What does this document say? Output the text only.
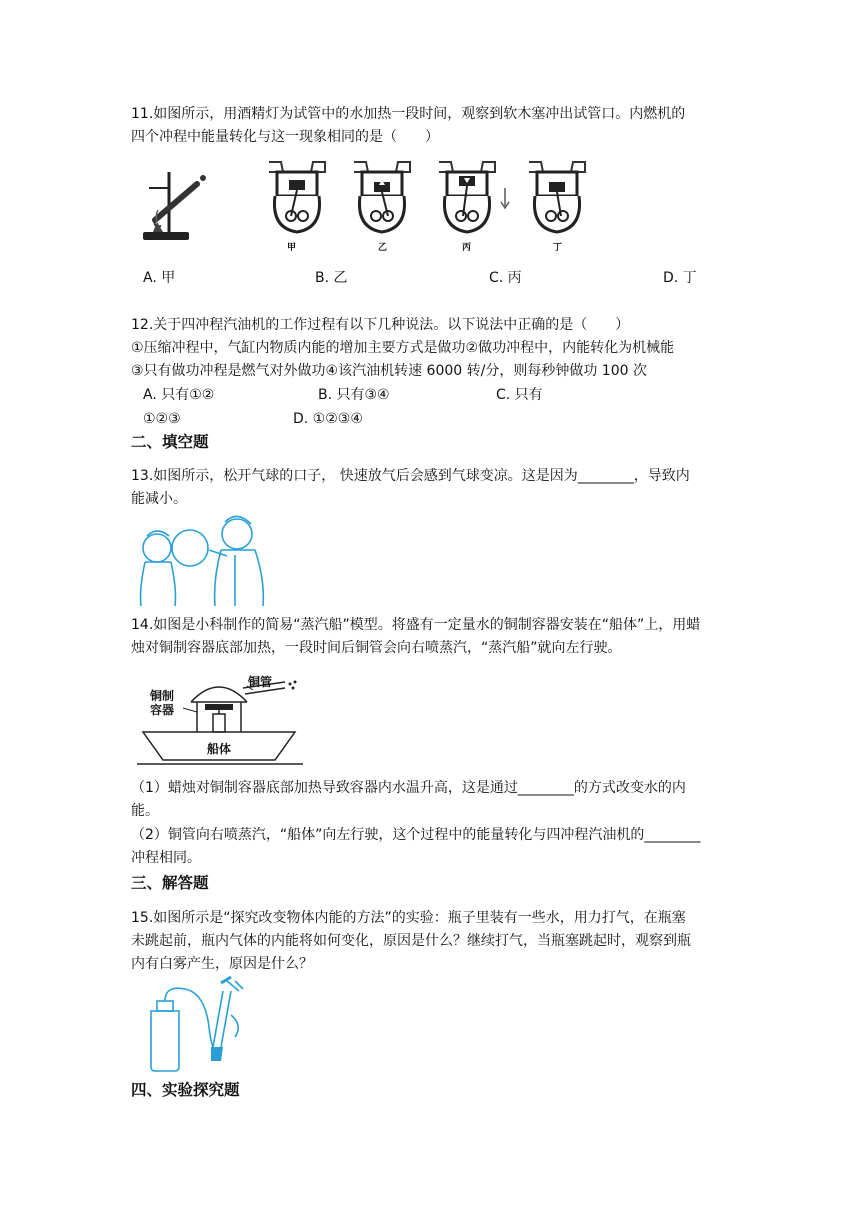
11.如图所示，用酒精灯为试管中的水加热一段时间，观察到软木塞冲出试管口。内燃机的
四个冲程中能量转化与这一现象相同的是（　　）
甲	乙	丙	丁
A. 甲	B. 乙	C. 丙	D. 丁
12.关于四冲程汽油机的工作过程有以下几种说法。以下说法中正确的是（　　）
①压缩冲程中，气缸内物质内能的增加主要方式是做功②做功冲程中，内能转化为机械能
③只有做功冲程是燃气对外做功④该汽油机转速 6000 转/分，则每秒钟做功 100 次
A. 只有①②	B. 只有③④	C. 只有
①②③	D. ①②③④
二、填空题
13.如图所示，松开气球的口子， 快速放气后会感到气球变凉。这是因为________，导致内
能减小。
14.如图是小科制作的简易“蒸汽船”模型。将盛有一定量水的铜制容器安装在“船体”上，用蜡
烛对铜制容器底部加热，一段时间后铜管会向右喷蒸汽，“蒸汽船”就向左行驶。
铜管
铜制
容器
船体
（1）蜡烛对铜制容器底部加热导致容器内水温升高，这是通过________的方式改变水的内
能。
（2）铜管向右喷蒸汽，“船体”向左行驶，这个过程中的能量转化与四冲程汽油机的________
冲程相同。
三、解答题
15.如图所示是“探究改变物体内能的方法”的实验：瓶子里装有一些水，用力打气，在瓶塞
未跳起前，瓶内气体的内能将如何变化，原因是什么？继续打气，当瓶塞跳起时，观察到瓶
内有白雾产生，原因是什么？
四、实验探究题
